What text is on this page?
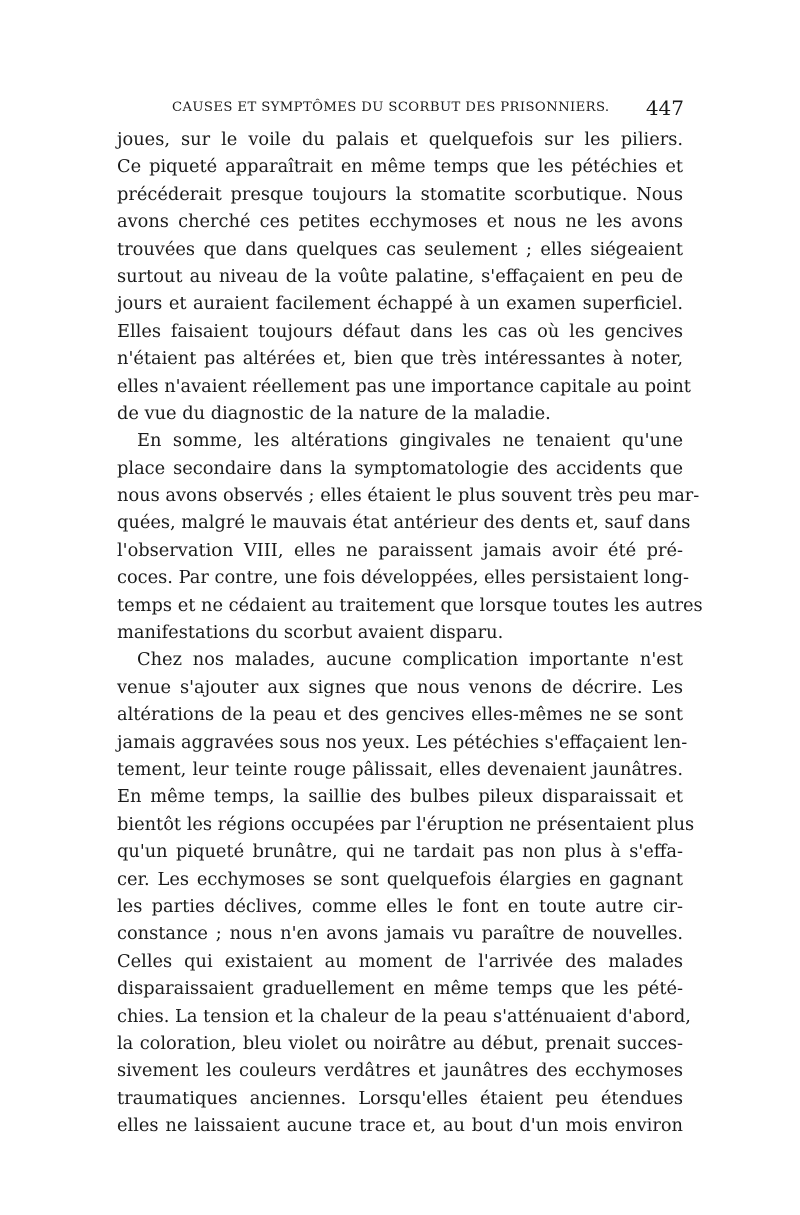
CAUSES ET SYMPTÔMES DU SCORBUT DES PRISONNIERS. 447
joues, sur le voile du palais et quelquefois sur les piliers.
Ce piqueté apparaîtrait en même temps que les pétéchies et
précéderait presque toujours la stomatite scorbutique. Nous
avons cherché ces petites ecchymoses et nous ne les avons
trouvées que dans quelques cas seulement ; elles siégeaient
surtout au niveau de la voûte palatine, s'effaçaient en peu de
jours et auraient facilement échappé à un examen superficiel.
Elles faisaient toujours défaut dans les cas où les gencives
n'étaient pas altérées et, bien que très intéressantes à noter,
elles n'avaient réellement pas une importance capitale au point
de vue du diagnostic de la nature de la maladie.
En somme, les altérations gingivales ne tenaient qu'une
place secondaire dans la symptomatologie des accidents que
nous avons observés ; elles étaient le plus souvent très peu mar-
quées, malgré le mauvais état antérieur des dents et, sauf dans
l'observation VIII, elles ne paraissent jamais avoir été pré-
coces. Par contre, une fois développées, elles persistaient long-
temps et ne cédaient au traitement que lorsque toutes les autres
manifestations du scorbut avaient disparu.
Chez nos malades, aucune complication importante n'est
venue s'ajouter aux signes que nous venons de décrire. Les
altérations de la peau et des gencives elles-mêmes ne se sont
jamais aggravées sous nos yeux. Les pétéchies s'effaçaient len-
tement, leur teinte rouge pâlissait, elles devenaient jaunâtres.
En même temps, la saillie des bulbes pileux disparaissait et
bientôt les régions occupées par l'éruption ne présentaient plus
qu'un piqueté brunâtre, qui ne tardait pas non plus à s'effa-
cer. Les ecchymoses se sont quelquefois élargies en gagnant
les parties déclives, comme elles le font en toute autre cir-
constance ; nous n'en avons jamais vu paraître de nouvelles.
Celles qui existaient au moment de l'arrivée des malades
disparaissaient graduellement en même temps que les pété-
chies. La tension et la chaleur de la peau s'atténuaient d'abord,
la coloration, bleu violet ou noirâtre au début, prenait succes-
sivement les couleurs verdâtres et jaunâtres des ecchymoses
traumatiques anciennes. Lorsqu'elles étaient peu étendues
elles ne laissaient aucune trace et, au bout d'un mois environ
